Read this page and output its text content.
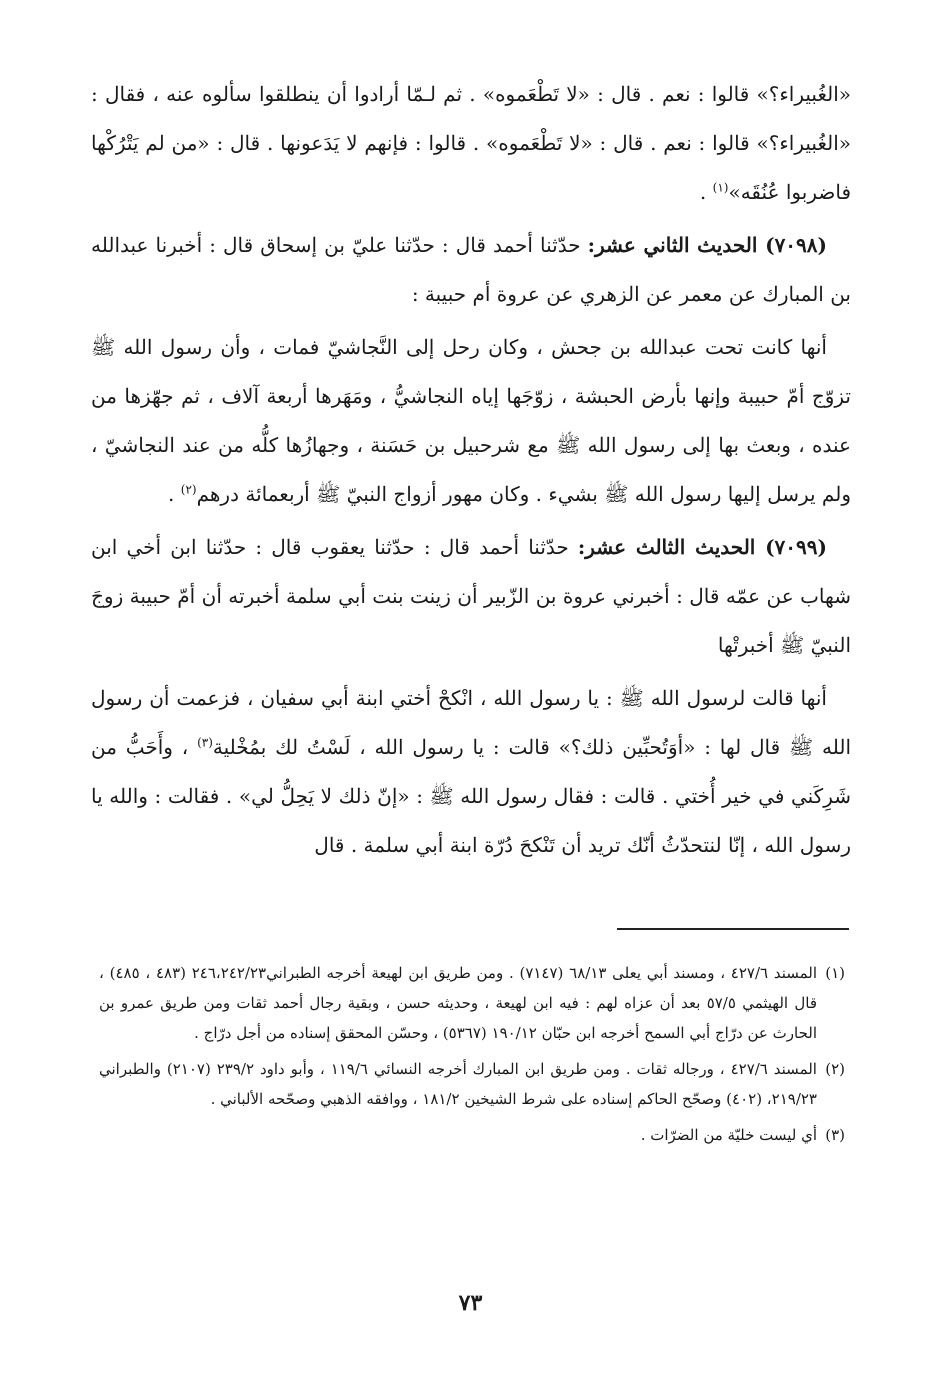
«الغُبيراء؟» قالوا : نعم . قال : «لا تَطْعَموه» . ثم لـمّا أرادوا أن ينطلقوا سألوه عنه ، فقال : «الغُبيراء؟» قالوا : نعم . قال : «لا تَطْعَموه» . قالوا : فإنهم لا يَدَعونها . قال : «من لم يَتْرُكْها فاضربوا عُنُقَه»$^{(١)}$ .

(٧٠٩٨) الحديث الثاني عشر: حدّثنا أحمد قال : حدّثنا عليّ بن إسحاق قال : أخبرنا عبدالله بن المبارك عن معمر عن الزهري عن عروة أم حبيبة :

أنها كانت تحت عبدالله بن جحش ، وكان رحل إلى النَّجاشيّ فمات ، وأن رسول الله ﷺ تزوّج أمّ حبيبة وإنها بأرض الحبشة ، زوّجَها إياه النجاشيُّ ، ومَهَرها أربعة آلاف ، ثم جهّزها من عنده ، وبعث بها إلى رسول الله ﷺ مع شرحبيل بن حَسَنة ، وجهازُها كلُّه من عند النجاشيّ ، ولم يرسل إليها رسول الله ﷺ بشيء . وكان مهور أزواج النبيّ ﷺ أربعمائة درهم$^{(٢)}$ .

(٧٠٩٩) الحديث الثالث عشر: حدّثنا أحمد قال : حدّثنا يعقوب قال : حدّثنا ابن أخي ابن شهاب عن عمّه قال : أخبرني عروة بن الزّبير أن زينت بنت أبي سلمة أخبرته أن أمّ حبيبة زوجَ النبيّ ﷺ أخبرتْها

أنها قالت لرسول الله ﷺ : يا رسول الله ، انْكحْ أختي ابنة أبي سفيان ، فزعمت أن رسول الله ﷺ قال لها : «أوَتُحبِّين ذلك؟» قالت : يا رسول الله ، لَسْتُ لك بمُخْلية$^{(٣)}$ ، وأَحَبُّ من شَرِكَني في خير أُختي . قالت : فقال رسول الله ﷺ : «إنّ ذلك لا يَحِلُّ لي» . فقالت : والله يا رسول الله ، إنّا لنتحدّثُ أنّك تريد أن تَنْكحَ دُرّة ابنة أبي سلمة . قال

(١)المسند ٤٢٧/٦ ، ومسند أبي يعلى ٦٨/١٣ (٧١٤٧) . ومن طريق ابن لهيعة أخرجه الطبراني٢٤٦،٢٤٢/٢٣ (٤٨٣ ، ٤٨٥) ، قال الهيثمي ٥٧/٥ بعد أن عزاه لهم : فيه ابن لهيعة ، وحديثه حسن ، وبقية رجال أحمد ثقات ومن طريق عمرو بن الحارث عن درّاج أبي السمح أخرجه ابن حبّان ١٩٠/١٢ (٥٣٦٧) ، وحسّن المحقق إسناده من أجل درّاج .

(٢)المسند ٤٢٧/٦ ، ورجاله ثقات . ومن طريق ابن المبارك أخرجه النسائي ١١٩/٦ ، وأبو داود ٢٣٩/٢ (٢١٠٧) والطبراني ٢١٩/٢٣، (٤٠٢) وصحّح الحاكم إسناده على شرط الشيخين ١٨١/٢ ، ووافقه الذهبي وصحّحه الألباني .

(٣)أي ليست خليّة من الضرّات .

٧٣
